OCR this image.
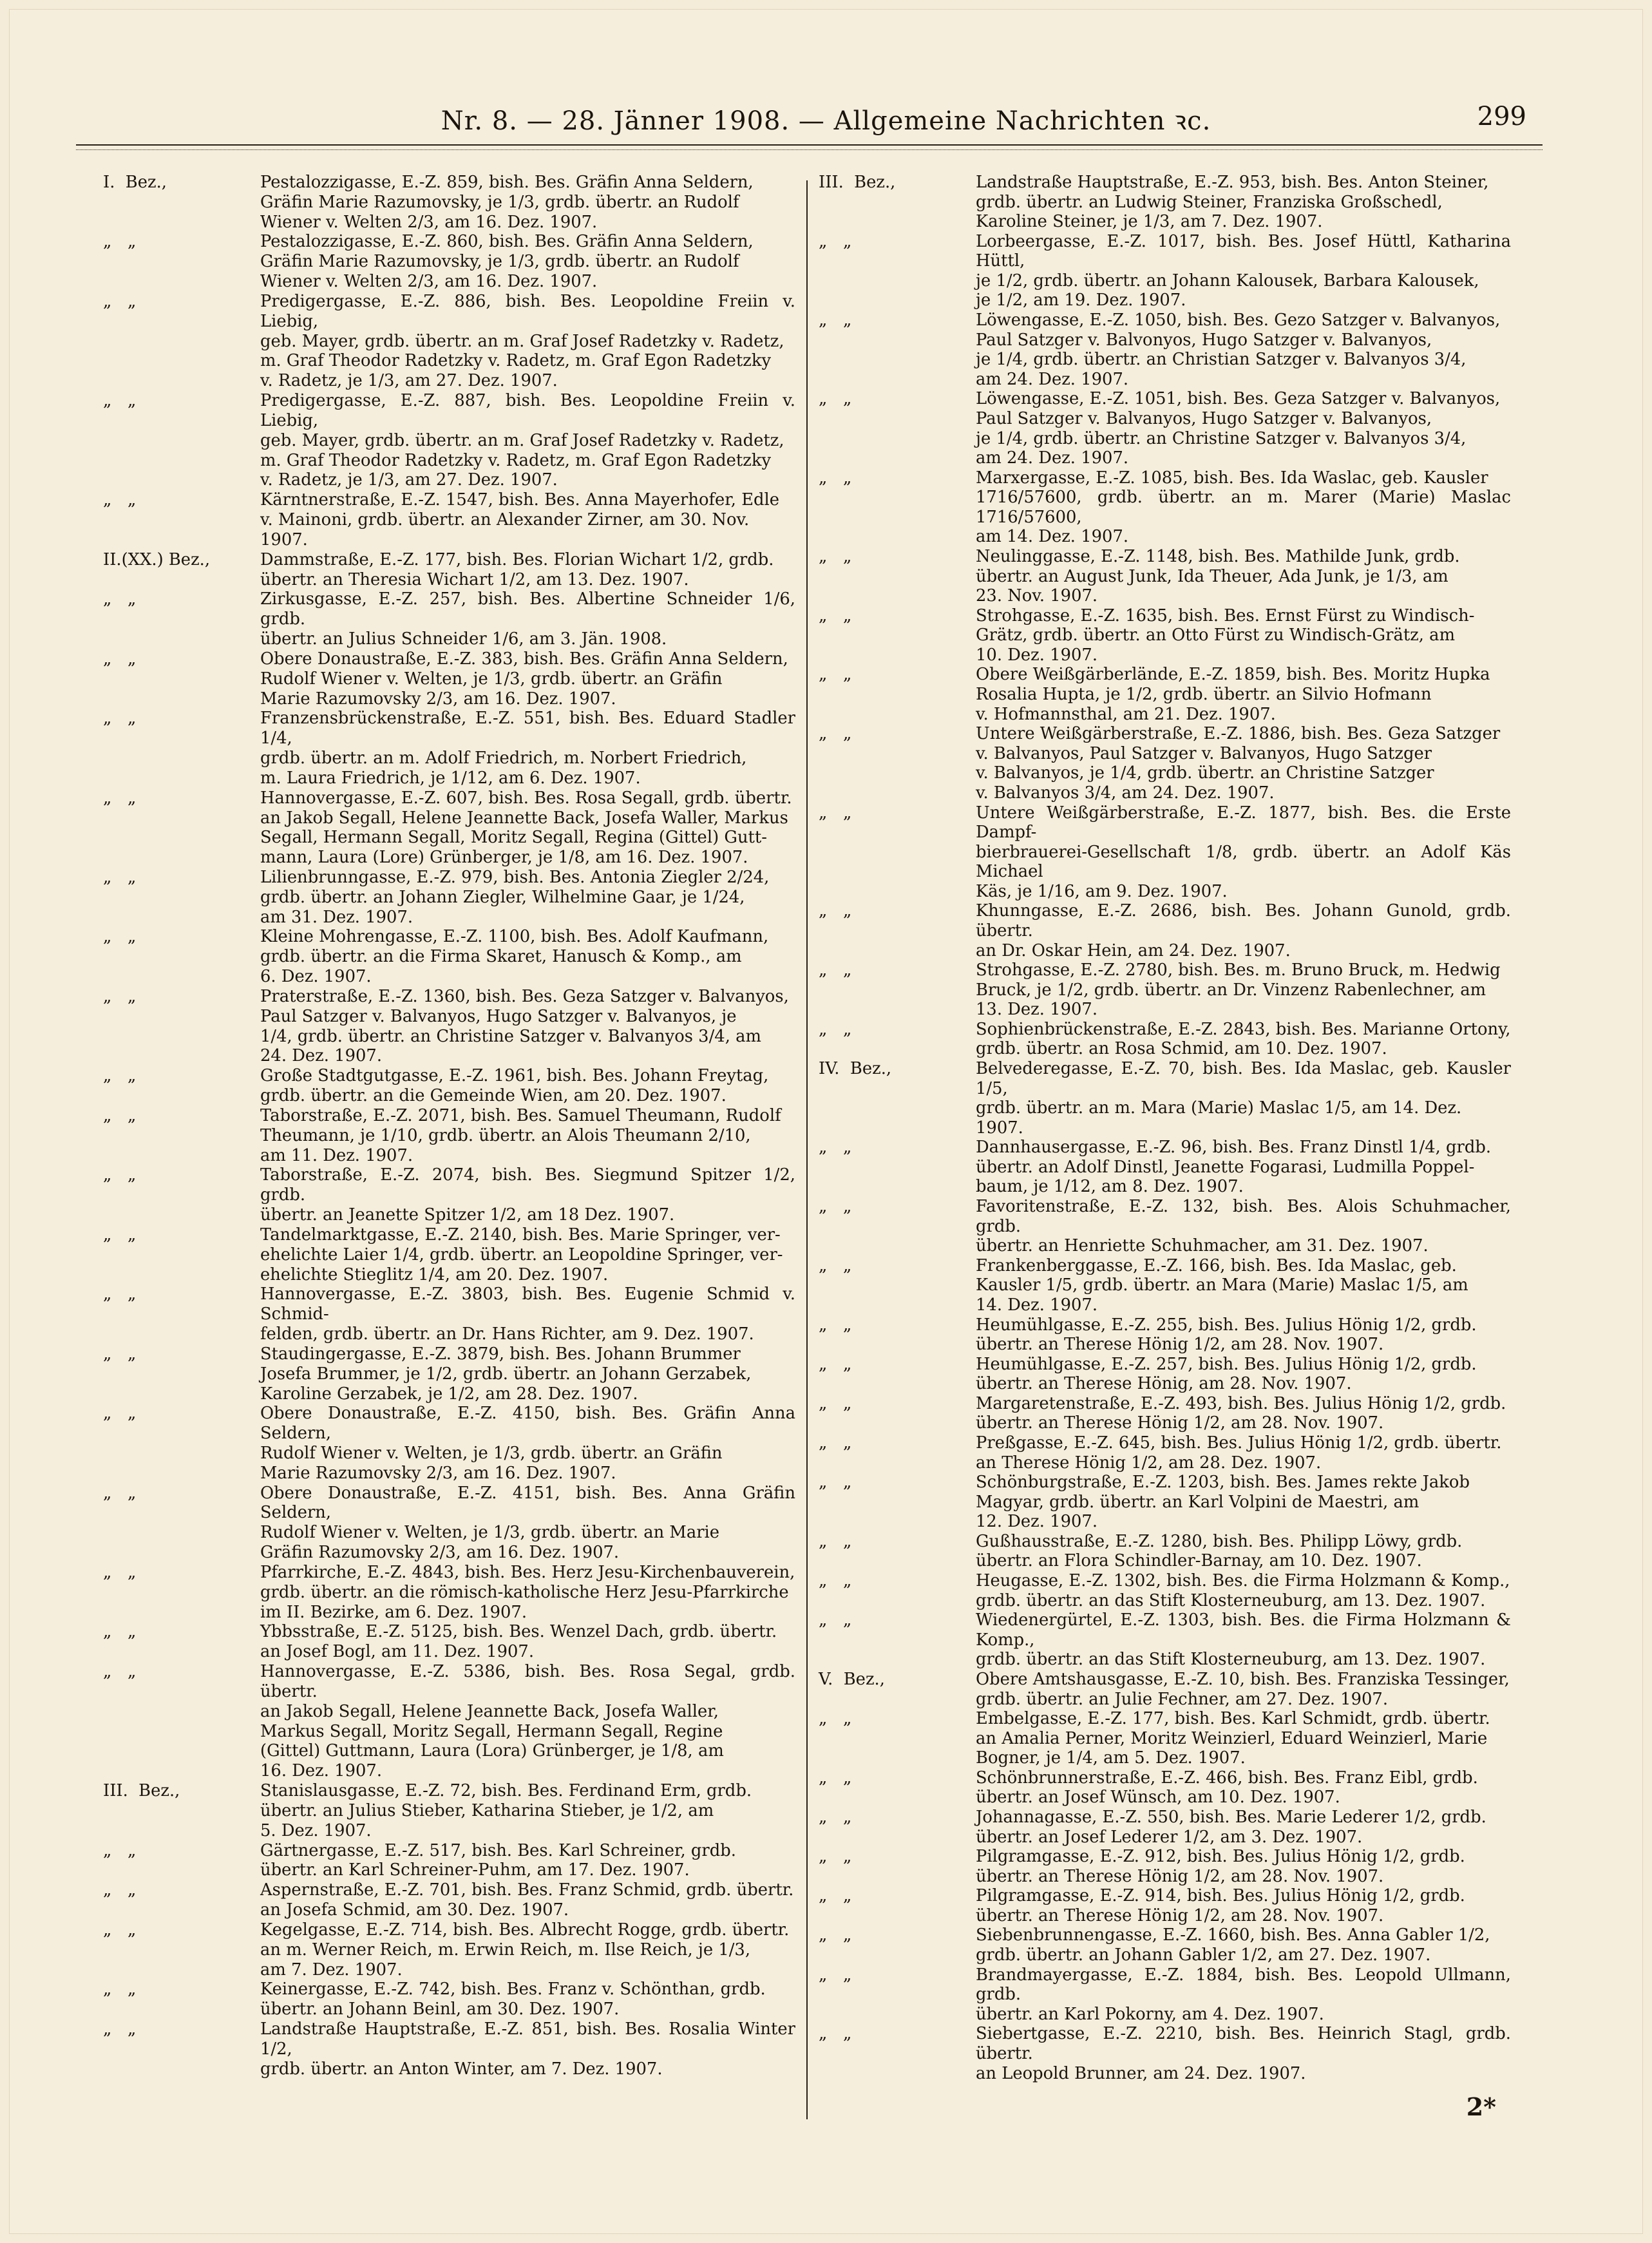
Nr. 8. — 28. Jänner 1908. — Allgemeine Nachrichten ꝛc.	299
I.  Bez.,	Pestalozzigasse, E.-Z. 859, bish. Bes. Gräfin Anna Seldern,
Gräfin Marie Razumovsky, je 1/3, grdb. übertr. an Rudolf
Wiener v. Welten 2/3, am 16. Dez. 1907.
„   „	Pestalozzigasse, E.-Z. 860, bish. Bes. Gräfin Anna Seldern,
Gräfin Marie Razumovsky, je 1/3, grdb. übertr. an Rudolf
Wiener v. Welten 2/3, am 16. Dez. 1907.
„   „	Predigergasse, E.-Z. 886, bish. Bes. Leopoldine Freiin v. Liebig,
geb. Mayer, grdb. übertr. an m. Graf Josef Radetzky v. Radetz,
m. Graf Theodor Radetzky v. Radetz, m. Graf Egon Radetzky
v. Radetz, je 1/3, am 27. Dez. 1907.
„   „	Predigergasse, E.-Z. 887, bish. Bes. Leopoldine Freiin v. Liebig,
geb. Mayer, grdb. übertr. an m. Graf Josef Radetzky v. Radetz,
m. Graf Theodor Radetzky v. Radetz, m. Graf Egon Radetzky
v. Radetz, je 1/3, am 27. Dez. 1907.
„   „	Kärntnerstraße, E.-Z. 1547, bish. Bes. Anna Mayerhofer, Edle
v. Mainoni, grdb. übertr. an Alexander Zirner, am 30. Nov.
1907.
II.(XX.) Bez.,	Dammstraße, E.-Z. 177, bish. Bes. Florian Wichart 1/2, grdb.
übertr. an Theresia Wichart 1/2, am 13. Dez. 1907.
„   „	Zirkusgasse, E.-Z. 257, bish. Bes. Albertine Schneider 1/6, grdb.
übertr. an Julius Schneider 1/6, am 3. Jän. 1908.
„   „	Obere Donaustraße, E.-Z. 383, bish. Bes. Gräfin Anna Seldern,
Rudolf Wiener v. Welten, je 1/3, grdb. übertr. an Gräfin
Marie Razumovsky 2/3, am 16. Dez. 1907.
„   „	Franzensbrückenstraße, E.-Z. 551, bish. Bes. Eduard Stadler 1/4,
grdb. übertr. an m. Adolf Friedrich, m. Norbert Friedrich,
m. Laura Friedrich, je 1/12, am 6. Dez. 1907.
„   „	Hannovergasse, E.-Z. 607, bish. Bes. Rosa Segall, grdb. übertr.
an Jakob Segall, Helene Jeannette Back, Josefa Waller, Markus
Segall, Hermann Segall, Moritz Segall, Regina (Gittel) Gutt-
mann, Laura (Lore) Grünberger, je 1/8, am 16. Dez. 1907.
„   „	Lilienbrunngasse, E.-Z. 979, bish. Bes. Antonia Ziegler 2/24,
grdb. übertr. an Johann Ziegler, Wilhelmine Gaar, je 1/24,
am 31. Dez. 1907.
„   „	Kleine Mohrengasse, E.-Z. 1100, bish. Bes. Adolf Kaufmann,
grdb. übertr. an die Firma Skaret, Hanusch & Komp., am
6. Dez. 1907.
„   „	Praterstraße, E.-Z. 1360, bish. Bes. Geza Satzger v. Balvanyos,
Paul Satzger v. Balvanyos, Hugo Satzger v. Balvanyos, je
1/4, grdb. übertr. an Christine Satzger v. Balvanyos 3/4, am
24. Dez. 1907.
„   „	Große Stadtgutgasse, E.-Z. 1961, bish. Bes. Johann Freytag,
grdb. übertr. an die Gemeinde Wien, am 20. Dez. 1907.
„   „	Taborstraße, E.-Z. 2071, bish. Bes. Samuel Theumann, Rudolf
Theumann, je 1/10, grdb. übertr. an Alois Theumann 2/10,
am 11. Dez. 1907.
„   „	Taborstraße, E.-Z. 2074, bish. Bes. Siegmund Spitzer 1/2, grdb.
übertr. an Jeanette Spitzer 1/2, am 18 Dez. 1907.
„   „	Tandelmarktgasse, E.-Z. 2140, bish. Bes. Marie Springer, ver-
ehelichte Laier 1/4, grdb. übertr. an Leopoldine Springer, ver-
ehelichte Stieglitz 1/4, am 20. Dez. 1907.
„   „	Hannovergasse, E.-Z. 3803, bish. Bes. Eugenie Schmid v. Schmid-
felden, grdb. übertr. an Dr. Hans Richter, am 9. Dez. 1907.
„   „	Staudingergasse, E.-Z. 3879, bish. Bes. Johann Brummer
Josefa Brummer, je 1/2, grdb. übertr. an Johann Gerzabek,
Karoline Gerzabek, je 1/2, am 28. Dez. 1907.
„   „	Obere Donaustraße, E.-Z. 4150, bish. Bes. Gräfin Anna Seldern,
Rudolf Wiener v. Welten, je 1/3, grdb. übertr. an Gräfin
Marie Razumovsky 2/3, am 16. Dez. 1907.
„   „	Obere Donaustraße, E.-Z. 4151, bish. Bes. Anna Gräfin Seldern,
Rudolf Wiener v. Welten, je 1/3, grdb. übertr. an Marie
Gräfin Razumovsky 2/3, am 16. Dez. 1907.
„   „	Pfarrkirche, E.-Z. 4843, bish. Bes. Herz Jesu-Kirchenbauverein,
grdb. übertr. an die römisch-katholische Herz Jesu-Pfarrkirche
im II. Bezirke, am 6. Dez. 1907.
„   „	Ybbsstraße, E.-Z. 5125, bish. Bes. Wenzel Dach, grdb. übertr.
an Josef Bogl, am 11. Dez. 1907.
„   „	Hannovergasse, E.-Z. 5386, bish. Bes. Rosa Segal, grdb. übertr.
an Jakob Segall, Helene Jeannette Back, Josefa Waller,
Markus Segall, Moritz Segall, Hermann Segall, Regine
(Gittel) Guttmann, Laura (Lora) Grünberger, je 1/8, am
16. Dez. 1907.
III.  Bez.,	Stanislausgasse, E.-Z. 72, bish. Bes. Ferdinand Erm, grdb.
übertr. an Julius Stieber, Katharina Stieber, je 1/2, am
5. Dez. 1907.
„   „	Gärtnergasse, E.-Z. 517, bish. Bes. Karl Schreiner, grdb.
übertr. an Karl Schreiner-Puhm, am 17. Dez. 1907.
„   „	Aspernstraße, E.-Z. 701, bish. Bes. Franz Schmid, grdb. übertr.
an Josefa Schmid, am 30. Dez. 1907.
„   „	Kegelgasse, E.-Z. 714, bish. Bes. Albrecht Rogge, grdb. übertr.
an m. Werner Reich, m. Erwin Reich, m. Ilse Reich, je 1/3,
am 7. Dez. 1907.
„   „	Keinergasse, E.-Z. 742, bish. Bes. Franz v. Schönthan, grdb.
übertr. an Johann Beinl, am 30. Dez. 1907.
„   „	Landstraße Hauptstraße, E.-Z. 851, bish. Bes. Rosalia Winter 1/2,
grdb. übertr. an Anton Winter, am 7. Dez. 1907.
III.  Bez.,	Landstraße Hauptstraße, E.-Z. 953, bish. Bes. Anton Steiner,
grdb. übertr. an Ludwig Steiner, Franziska Großschedl,
Karoline Steiner, je 1/3, am 7. Dez. 1907.
„   „	Lorbeergasse, E.-Z. 1017, bish. Bes. Josef Hüttl, Katharina Hüttl,
je 1/2, grdb. übertr. an Johann Kalousek, Barbara Kalousek,
je 1/2, am 19. Dez. 1907.
„   „	Löwengasse, E.-Z. 1050, bish. Bes. Gezo Satzger v. Balvanyos,
Paul Satzger v. Balvonyos, Hugo Satzger v. Balvanyos,
je 1/4, grdb. übertr. an Christian Satzger v. Balvanyos 3/4,
am 24. Dez. 1907.
„   „	Löwengasse, E.-Z. 1051, bish. Bes. Geza Satzger v. Balvanyos,
Paul Satzger v. Balvanyos, Hugo Satzger v. Balvanyos,
je 1/4, grdb. übertr. an Christine Satzger v. Balvanyos 3/4,
am 24. Dez. 1907.
„   „	Marxergasse, E.-Z. 1085, bish. Bes. Ida Waslac, geb. Kausler
1716/57600, grdb. übertr. an m. Marer (Marie) Maslac 1716/57600,
am 14. Dez. 1907.
„   „	Neulinggasse, E.-Z. 1148, bish. Bes. Mathilde Junk, grdb.
übertr. an August Junk, Ida Theuer, Ada Junk, je 1/3, am
23. Nov. 1907.
„   „	Strohgasse, E.-Z. 1635, bish. Bes. Ernst Fürst zu Windisch-
Grätz, grdb. übertr. an Otto Fürst zu Windisch-Grätz, am
10. Dez. 1907.
„   „	Obere Weißgärberlände, E.-Z. 1859, bish. Bes. Moritz Hupka
Rosalia Hupta, je 1/2, grdb. übertr. an Silvio Hofmann
v. Hofmannsthal, am 21. Dez. 1907.
„   „	Untere Weißgärberstraße, E.-Z. 1886, bish. Bes. Geza Satzger
v. Balvanyos, Paul Satzger v. Balvanyos, Hugo Satzger
v. Balvanyos, je 1/4, grdb. übertr. an Christine Satzger
v. Balvanyos 3/4, am 24. Dez. 1907.
„   „	Untere Weißgärberstraße, E.-Z. 1877, bish. Bes. die Erste Dampf-
bierbrauerei-Gesellschaft 1/8, grdb. übertr. an Adolf Käs Michael
Käs, je 1/16, am 9. Dez. 1907.
„   „	Khunngasse, E.-Z. 2686, bish. Bes. Johann Gunold, grdb. übertr.
an Dr. Oskar Hein, am 24. Dez. 1907.
„   „	Strohgasse, E.-Z. 2780, bish. Bes. m. Bruno Bruck, m. Hedwig
Bruck, je 1/2, grdb. übertr. an Dr. Vinzenz Rabenlechner, am
13. Dez. 1907.
„   „	Sophienbrückenstraße, E.-Z. 2843, bish. Bes. Marianne Ortony,
grdb. übertr. an Rosa Schmid, am 10. Dez. 1907.
IV.  Bez.,	Belvederegasse, E.-Z. 70, bish. Bes. Ida Maslac, geb. Kausler 1/5,
grdb. übertr. an m. Mara (Marie) Maslac 1/5, am 14. Dez.
1907.
„   „	Dannhausergasse, E.-Z. 96, bish. Bes. Franz Dinstl 1/4, grdb.
übertr. an Adolf Dinstl, Jeanette Fogarasi, Ludmilla Poppel-
baum, je 1/12, am 8. Dez. 1907.
„   „	Favoritenstraße, E.-Z. 132, bish. Bes. Alois Schuhmacher, grdb.
übertr. an Henriette Schuhmacher, am 31. Dez. 1907.
„   „	Frankenberggasse, E.-Z. 166, bish. Bes. Ida Maslac, geb.
Kausler 1/5, grdb. übertr. an Mara (Marie) Maslac 1/5, am
14. Dez. 1907.
„   „	Heumühlgasse, E.-Z. 255, bish. Bes. Julius Hönig 1/2, grdb.
übertr. an Therese Hönig 1/2, am 28. Nov. 1907.
„   „	Heumühlgasse, E.-Z. 257, bish. Bes. Julius Hönig 1/2, grdb.
übertr. an Therese Hönig, am 28. Nov. 1907.
„   „	Margaretenstraße, E.-Z. 493, bish. Bes. Julius Hönig 1/2, grdb.
übertr. an Therese Hönig 1/2, am 28. Nov. 1907.
„   „	Preßgasse, E.-Z. 645, bish. Bes. Julius Hönig 1/2, grdb. übertr.
an Therese Hönig 1/2, am 28. Dez. 1907.
„   „	Schönburgstraße, E.-Z. 1203, bish. Bes. James rekte Jakob
Magyar, grdb. übertr. an Karl Volpini de Maestri, am
12. Dez. 1907.
„   „	Gußhausstraße, E.-Z. 1280, bish. Bes. Philipp Löwy, grdb.
übertr. an Flora Schindler-Barnay, am 10. Dez. 1907.
„   „	Heugasse, E.-Z. 1302, bish. Bes. die Firma Holzmann & Komp.,
grdb. übertr. an das Stift Klosterneuburg, am 13. Dez. 1907.
„   „	Wiedenergürtel, E.-Z. 1303, bish. Bes. die Firma Holzmann & Komp.,
grdb. übertr. an das Stift Klosterneuburg, am 13. Dez. 1907.
V.  Bez.,	Obere Amtshausgasse, E.-Z. 10, bish. Bes. Franziska Tessinger,
grdb. übertr. an Julie Fechner, am 27. Dez. 1907.
„   „	Embelgasse, E.-Z. 177, bish. Bes. Karl Schmidt, grdb. übertr.
an Amalia Perner, Moritz Weinzierl, Eduard Weinzierl, Marie
Bogner, je 1/4, am 5. Dez. 1907.
„   „	Schönbrunnerstraße, E.-Z. 466, bish. Bes. Franz Eibl, grdb.
übertr. an Josef Wünsch, am 10. Dez. 1907.
„   „	Johannagasse, E.-Z. 550, bish. Bes. Marie Lederer 1/2, grdb.
übertr. an Josef Lederer 1/2, am 3. Dez. 1907.
„   „	Pilgramgasse, E.-Z. 912, bish. Bes. Julius Hönig 1/2, grdb.
übertr. an Therese Hönig 1/2, am 28. Nov. 1907.
„   „	Pilgramgasse, E.-Z. 914, bish. Bes. Julius Hönig 1/2, grdb.
übertr. an Therese Hönig 1/2, am 28. Nov. 1907.
„   „	Siebenbrunnengasse, E.-Z. 1660, bish. Bes. Anna Gabler 1/2,
grdb. übertr. an Johann Gabler 1/2, am 27. Dez. 1907.
„   „	Brandmayergasse, E.-Z. 1884, bish. Bes. Leopold Ullmann, grdb.
übertr. an Karl Pokorny, am 4. Dez. 1907.
„   „	Siebertgasse, E.-Z. 2210, bish. Bes. Heinrich Stagl, grdb. übertr.
an Leopold Brunner, am 24. Dez. 1907.
2*
